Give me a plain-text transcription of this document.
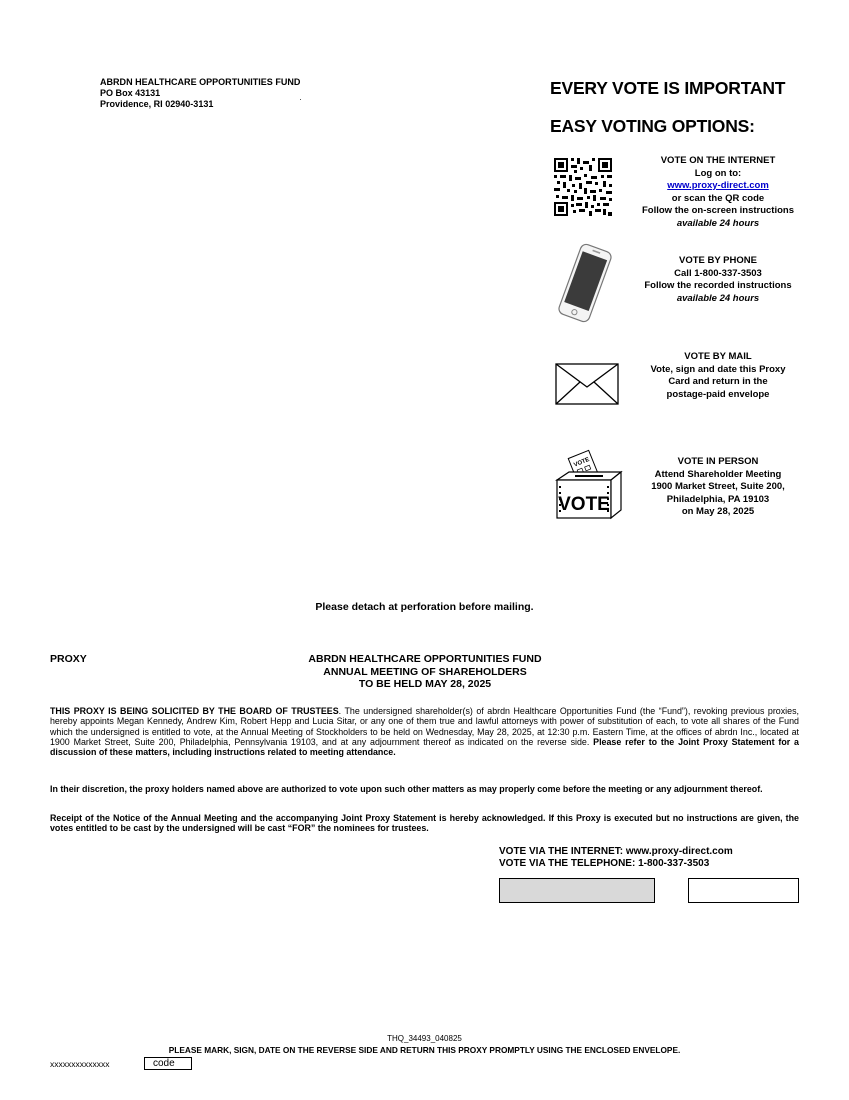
ABRDN HEALTHCARE OPPORTUNITIES FUND
PO Box 43131
Providence, RI 02940-3131
EVERY VOTE IS IMPORTANT
EASY VOTING OPTIONS:
VOTE ON THE INTERNET
Log on to:
www.proxy-direct.com
or scan the QR code
Follow the on-screen instructions
available 24 hours
VOTE BY PHONE
Call 1-800-337-3503
Follow the recorded instructions
available 24 hours
VOTE BY MAIL
Vote, sign and date this Proxy
Card and return in the
postage-paid envelope
VOTE
VOTE
VOTE IN PERSON
Attend Shareholder Meeting
1900 Market Street, Suite 200,
Philadelphia, PA 19103
on May 28, 2025
Please detach at perforation before mailing.
PROXY	ABRDN HEALTHCARE OPPORTUNITIES FUND
ANNUAL MEETING OF SHAREHOLDERS
TO BE HELD MAY 28, 2025
THIS PROXY IS BEING SOLICITED BY THE BOARD OF TRUSTEES. The undersigned shareholder(s) of abrdn Healthcare Opportunities Fund (the “Fund”), revoking previous proxies, hereby appoints Megan Kennedy, Andrew Kim, Robert Hepp and Lucia Sitar, or any one of them true and lawful attorneys with power of substitution of each, to vote all shares of the Fund which the undersigned is entitled to vote, at the Annual Meeting of Stockholders to be held on Wednesday, May 28, 2025, at 12:30 p.m. Eastern Time, at the offices of abrdn Inc., located at 1900 Market Street, Suite 200, Philadelphia, Pennsylvania 19103, and at any adjournment thereof as indicated on the reverse side. Please refer to the Joint Proxy Statement for a discussion of these matters, including instructions related to meeting attendance.
In their discretion, the proxy holders named above are authorized to vote upon such other matters as may properly come before the meeting or any adjournment thereof.
Receipt of the Notice of the Annual Meeting and the accompanying Joint Proxy Statement is hereby acknowledged. If this Proxy is executed but no instructions are given, the votes entitled to be cast by the undersigned will be cast “FOR” the nominees for trustees.
VOTE VIA THE INTERNET: www.proxy-direct.com
VOTE VIA THE TELEPHONE: 1-800-337-3503
THQ_34493_040825
PLEASE MARK, SIGN, DATE ON THE REVERSE SIDE AND RETURN THIS PROXY PROMPTLY USING THE ENCLOSED ENVELOPE.
xxxxxxxxxxxxxx	code
